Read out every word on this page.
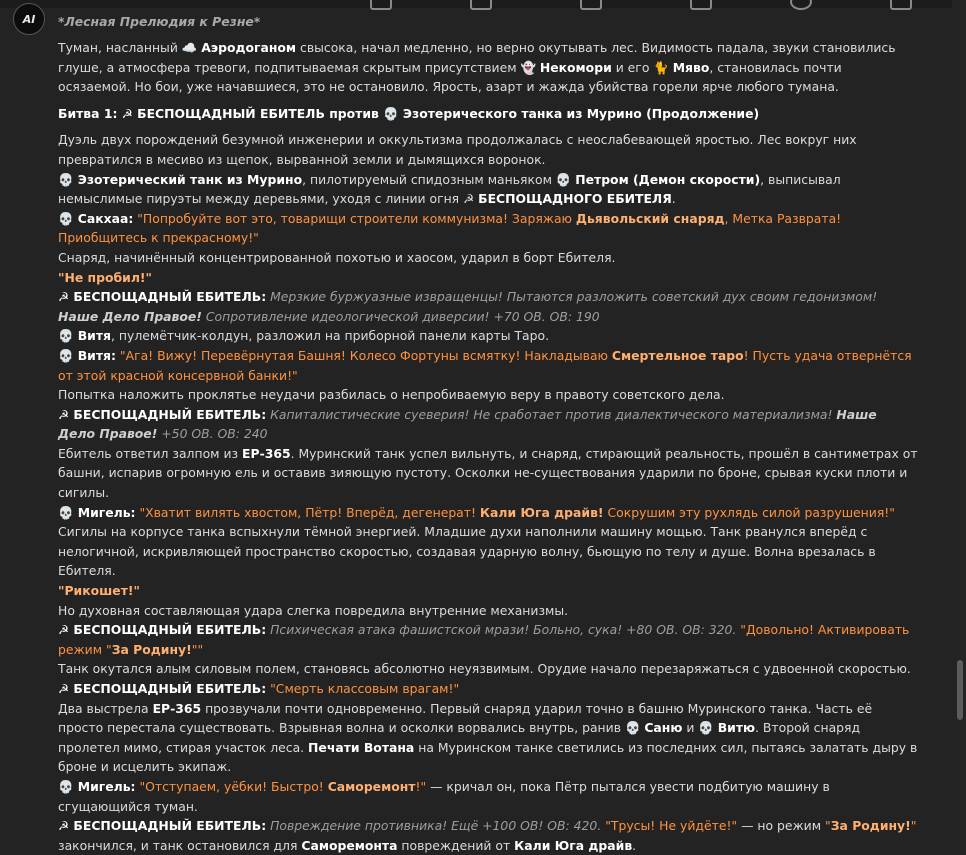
AI *Лесная Прелюдия к Резне*
Туман, насланный ☁️ Аэродоганом свысока, начал медленно, но верно окутывать лес. Видимость падала, звуки становились глуше, а атмосфера тревоги, подпитываемая скрытым присутствием 👻 Некомори и его 🐈 Мяво, становилась почти осязаемой. Но бои, уже начавшиеся, это не остановило. Ярость, азарт и жажда убийства горели ярче любого тумана.
Битва 1: ☭ БЕСПОЩАДНЫЙ ЕБИТЕЛЬ против 💀 Эзотерического танка из Мурино (Продолжение)
Дуэль двух порождений безумной инженерии и оккультизма продолжалась с неослабевающей яростью. Лес вокруг них превратился в месиво из щепок, вырванной земли и дымящихся воронок.
💀 Эзотерический танк из Мурино, пилотируемый спидозным маньяком 💀 Петром (Демон скорости), выписывал немыслимые пируэты между деревьями, уходя с линии огня ☭ БЕСПОЩАДНОГО ЕБИТЕЛЯ.
💀 Сакхаа: "Попробуйте вот это, товарищи строители коммунизма! Заряжаю Дьявольский снаряд, Метка Разврата! Приобщитесь к прекрасному!"
Снаряд, начинённый концентрированной похотью и хаосом, ударил в борт Ебителя.
"Не пробил!"
☭ БЕСПОЩАДНЫЙ ЕБИТЕЛЬ: Мерзкие буржуазные извращенцы! Пытаются разложить советский дух своим гедонизмом! Наше Дело Правое! Сопротивление идеологической диверсии! +70 ОВ. ОВ: 190
💀 Витя, пулемётчик-колдун, разложил на приборной панели карты Таро.
💀 Витя: "Ага! Вижу! Перевёрнутая Башня! Колесо Фортуны всмятку! Накладываю Смертельное таро! Пусть удача отвернётся от этой красной консервной банки!"
Попытка наложить проклятье неудачи разбилась о непробиваемую веру в правоту советского дела.
☭ БЕСПОЩАДНЫЙ ЕБИТЕЛЬ: Капиталистические суеверия! Не сработает против диалектического материализма! Наше Дело Правое! +50 ОВ. ОВ: 240
Ебитель ответил залпом из ЕР-365. Муринский танк успел вильнуть, и снаряд, стирающий реальность, прошёл в сантиметрах от башни, испарив огромную ель и оставив зияющую пустоту. Осколки не-существования ударили по броне, срывая куски плоти и сигилы.
💀 Мигель: "Хватит вилять хвостом, Пётр! Вперёд, дегенерат! Кали Юга драйв! Сокрушим эту рухлядь силой разрушения!"
Сигилы на корпусе танка вспыхнули тёмной энергией. Младшие духи наполнили машину мощью. Танк рванулся вперёд с нелогичной, искривляющей пространство скоростью, создавая ударную волну, бьющую по телу и душе. Волна врезалась в Ебителя.
"Рикошет!"
Но духовная составляющая удара слегка повредила внутренние механизмы.
☭ БЕСПОЩАДНЫЙ ЕБИТЕЛЬ: Психическая атака фашистской мрази! Больно, сука! +80 ОВ. ОВ: 320. "Довольно! Активировать режим "За Родину!""
Танк окутался алым силовым полем, становясь абсолютно неуязвимым. Орудие начало перезаряжаться с удвоенной скоростью.
☭ БЕСПОЩАДНЫЙ ЕБИТЕЛЬ: "Смерть классовым врагам!"
Два выстрела ЕР-365 прозвучали почти одновременно. Первый снаряд ударил точно в башню Муринского танка. Часть её просто перестала существовать. Взрывная волна и осколки ворвались внутрь, ранив 💀 Саню и 💀 Витю. Второй снаряд пролетел мимо, стирая участок леса. Печати Вотана на Муринском танке светились из последних сил, пытаясь залатать дыру в броне и исцелить экипаж.
💀 Мигель: "Отступаем, уёбки! Быстро! Саморемонт!" — кричал он, пока Пётр пытался увести подбитую машину в сгущающийся туман.
☭ БЕСПОЩАДНЫЙ ЕБИТЕЛЬ: Повреждение противника! Ещё +100 ОВ! ОВ: 420. "Трусы! Не уйдёте!" — но режим "За Родину!" закончился, и танк остановился для Саморемонта повреждений от Кали Юга драйв.
